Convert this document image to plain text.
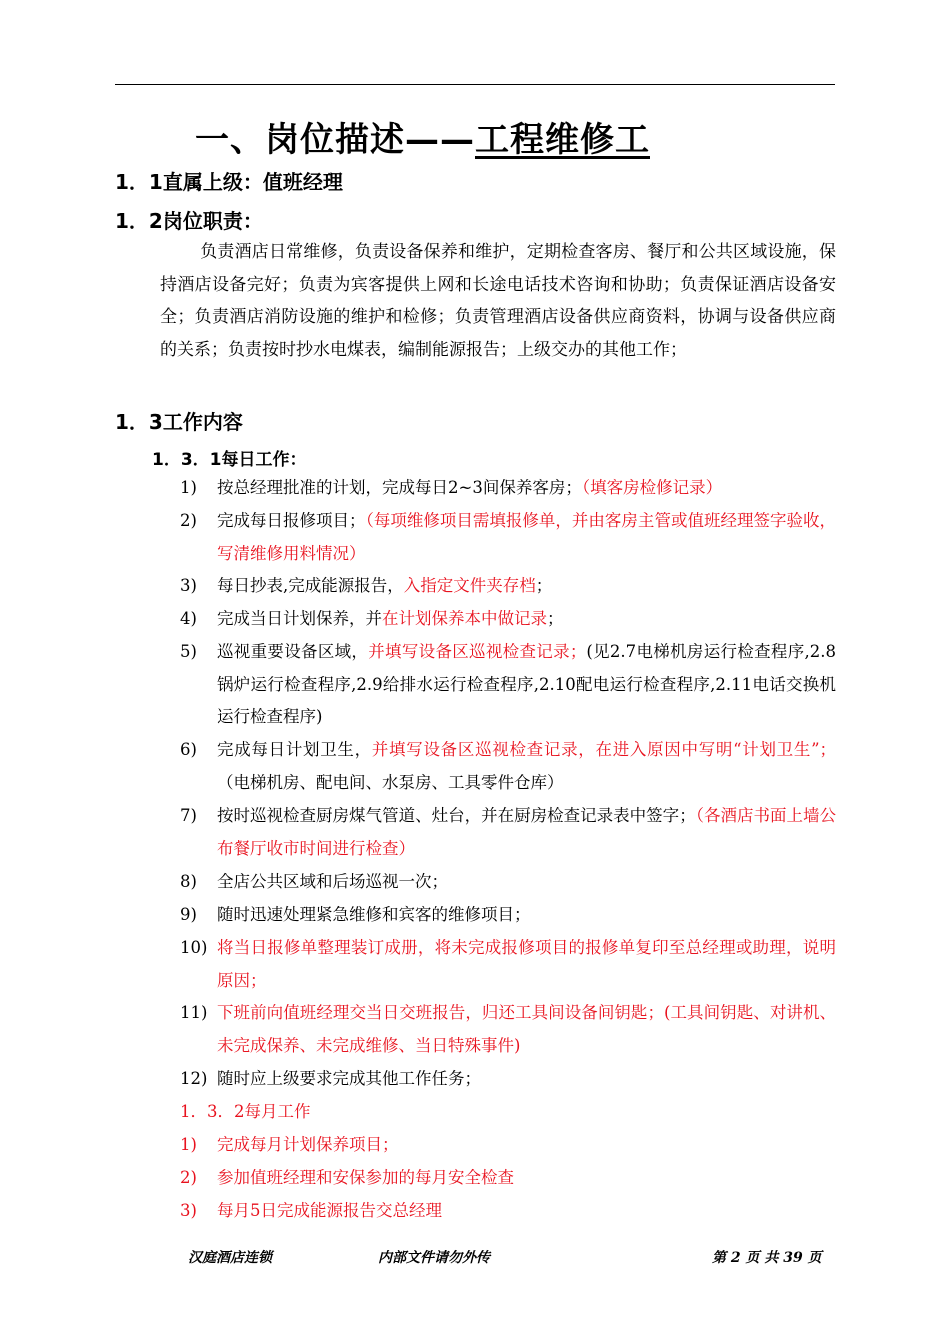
一、岗位描述——工程维修工
1．1直属上级：值班经理
1．2岗位职责：
负责酒店日常维修，负责设备保养和维护，定期检查客房、餐厅和公共区域设施，保持酒店设备完好；负责为宾客提供上网和长途电话技术咨询和协助；负责保证酒店设备安全；负责酒店消防设施的维护和检修；负责管理酒店设备供应商资料，协调与设备供应商的关系；负责按时抄水电煤表，编制能源报告；上级交办的其他工作；
1．3工作内容
1．3．1每日工作：
1) 按总经理批准的计划，完成每日2~3间保养客房；（填客房检修记录）
2) 完成每日报修项目；（每项维修项目需填报修单，并由客房主管或值班经理签字验收，写清维修用料情况）
3) 每日抄表,完成能源报告，入指定文件夹存档；
4) 完成当日计划保养，并在计划保养本中做记录；
5) 巡视重要设备区域，并填写设备区巡视检查记录；(见2.7电梯机房运行检查程序,2.8锅炉运行检查程序,2.9给排水运行检查程序,2.10配电运行检查程序,2.11电话交换机运行检查程序)
6) 完成每日计划卫生，并填写设备区巡视检查记录，在进入原因中写明“计划卫生”；（电梯机房、配电间、水泵房、工具零件仓库）
7) 按时巡视检查厨房煤气管道、灶台，并在厨房检查记录表中签字；（各酒店书面上墙公布餐厅收市时间进行检查）
8) 全店公共区域和后场巡视一次；
9) 随时迅速处理紧急维修和宾客的维修项目；
10) 将当日报修单整理装订成册，将未完成报修项目的报修单复印至总经理或助理，说明原因；
11) 下班前向值班经理交当日交班报告，归还工具间设备间钥匙；(工具间钥匙、对讲机、未完成保养、未完成维修、当日特殊事件)
12) 随时应上级要求完成其他工作任务；
1．3．2每月工作
1) 完成每月计划保养项目；
2) 参加值班经理和安保参加的每月安全检查
3) 每月5日完成能源报告交总经理
汉庭酒店连锁	内部文件请勿外传	第 2 页 共 39 页
